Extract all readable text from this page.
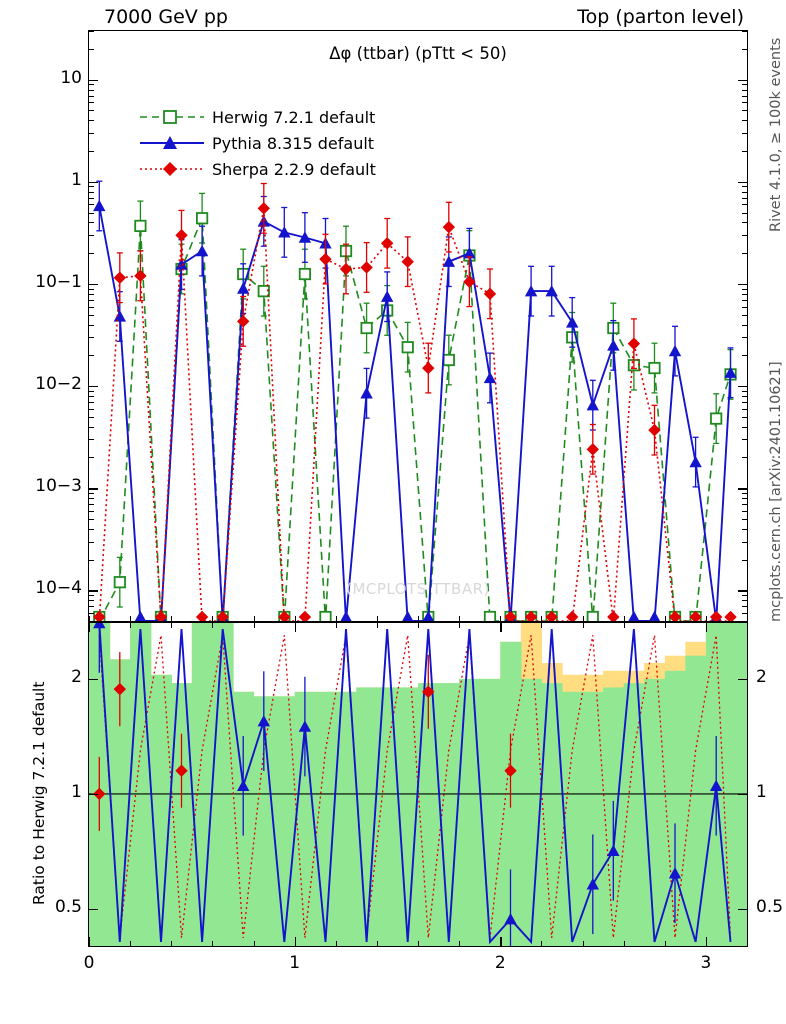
7000 GeV pp	Top (parton level)
Rivet 4.1.0, ≥ 100k events
mcplots.cern.ch [arXiv:2401.10621]
Δφ (ttbar) (pTtt < 50)
(MCPLOTS TTBAR)
Herwig 7.2.1 default
Pythia 8.315 default
Sherpa 2.2.9 default
Ratio to Herwig 7.2.1 default
10
1
10−1
10−2
10−3
10−4
2	2
1	1
0.5	0.5
0	1	2	3
